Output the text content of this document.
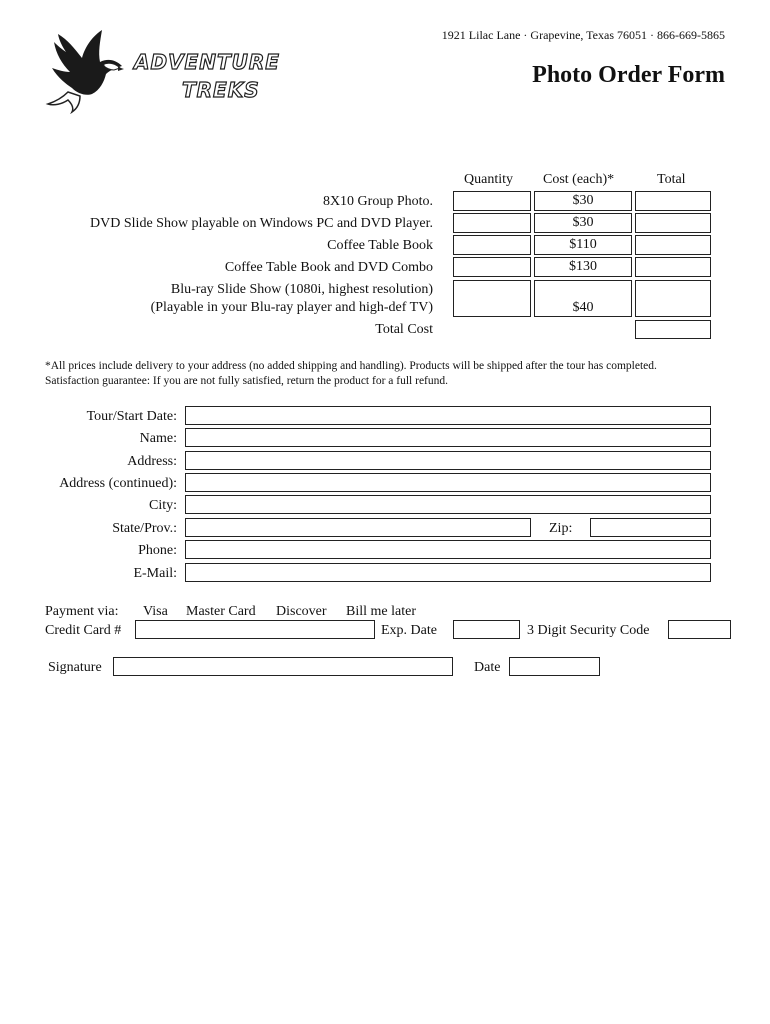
ADVENTURE
TREKS
1921 Lilac Lane · Grapevine, Texas 76051 · 866-669-5865
Photo Order Form
Quantity Cost (each)*	Total
8X10 Group Photo.	$30
DVD Slide Show playable on Windows PC and DVD Player.	$30
Coffee Table Book	$110
Coffee Table Book and DVD Combo	$130
Blu-ray Slide Show (1080i, highest resolution)
(Playable in your Blu-ray player and high-def TV)	$40
Total Cost
*All prices include delivery to your address (no added shipping and handling). Products will be shipped after the tour has completed.
Satisfaction guarantee: If you are not fully satisfied, return the product for a full refund.
Tour/Start Date:
Name:
Address:
Address (continued):
City:
State/Prov.:	Zip:
Phone:
E-Mail:
Payment via: Visa Master Card Discover Bill me later
Credit Card #	Exp. Date	3 Digit Security Code
Signature	Date
